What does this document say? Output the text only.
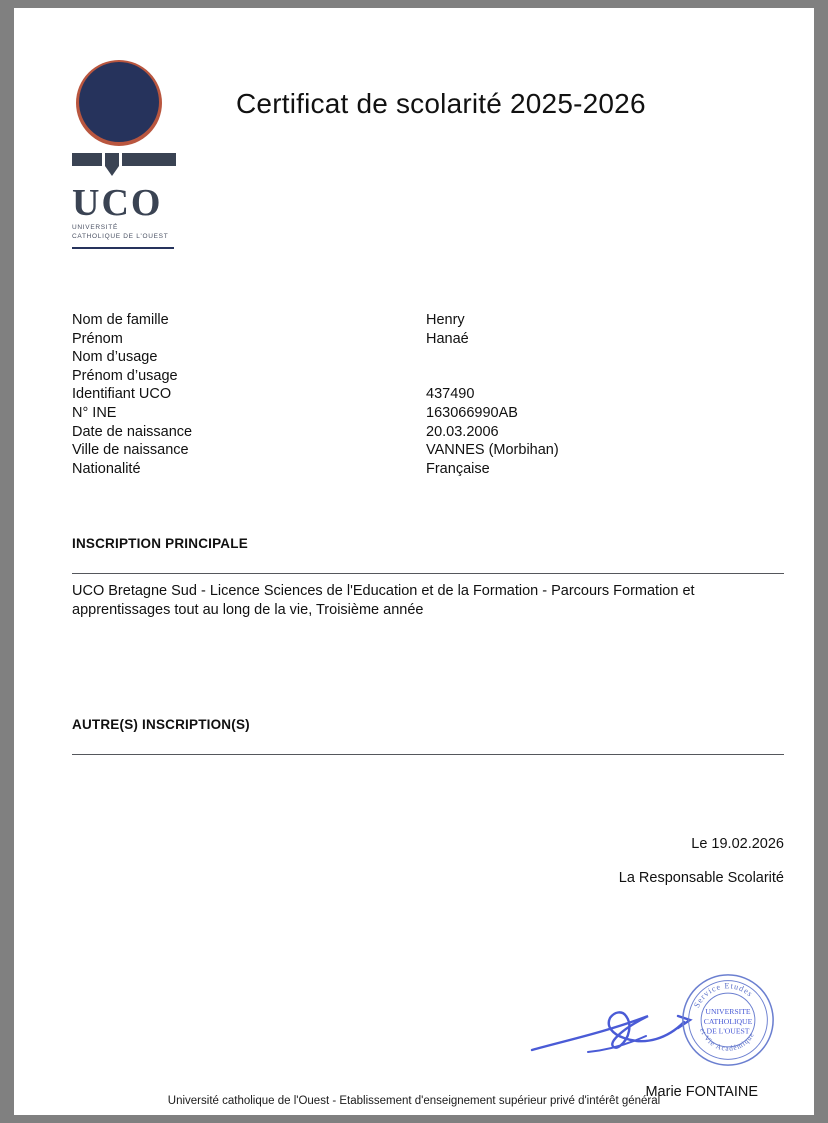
UCO
UNIVERSITÉ
CATHOLIQUE DE L'OUEST
Certificat de scolarité 2025-2026
Nom de famille	Henry
Prénom	Hanaé
Nom d’usage
Prénom d’usage
Identifiant UCO	437490
N° INE	163066990AB
Date de naissance	20.03.2006
Ville de naissance	VANNES (Morbihan)
Nationalité	Française
INSCRIPTION PRINCIPALE
UCO Bretagne Sud - Licence Sciences de l'Education et de la Formation - Parcours Formation et apprentissages tout au long de la vie, Troisième année
AUTRE(S) INSCRIPTION(S)
Le 19.02.2026
La Responsable Scolarité
Service Etudes
et Vie Académique
UNIVERSITE
CATHOLIQUE
DE L'OUEST
Marie FONTAINE
Université catholique de l'Ouest - Etablissement d'enseignement supérieur privé d'intérêt général
